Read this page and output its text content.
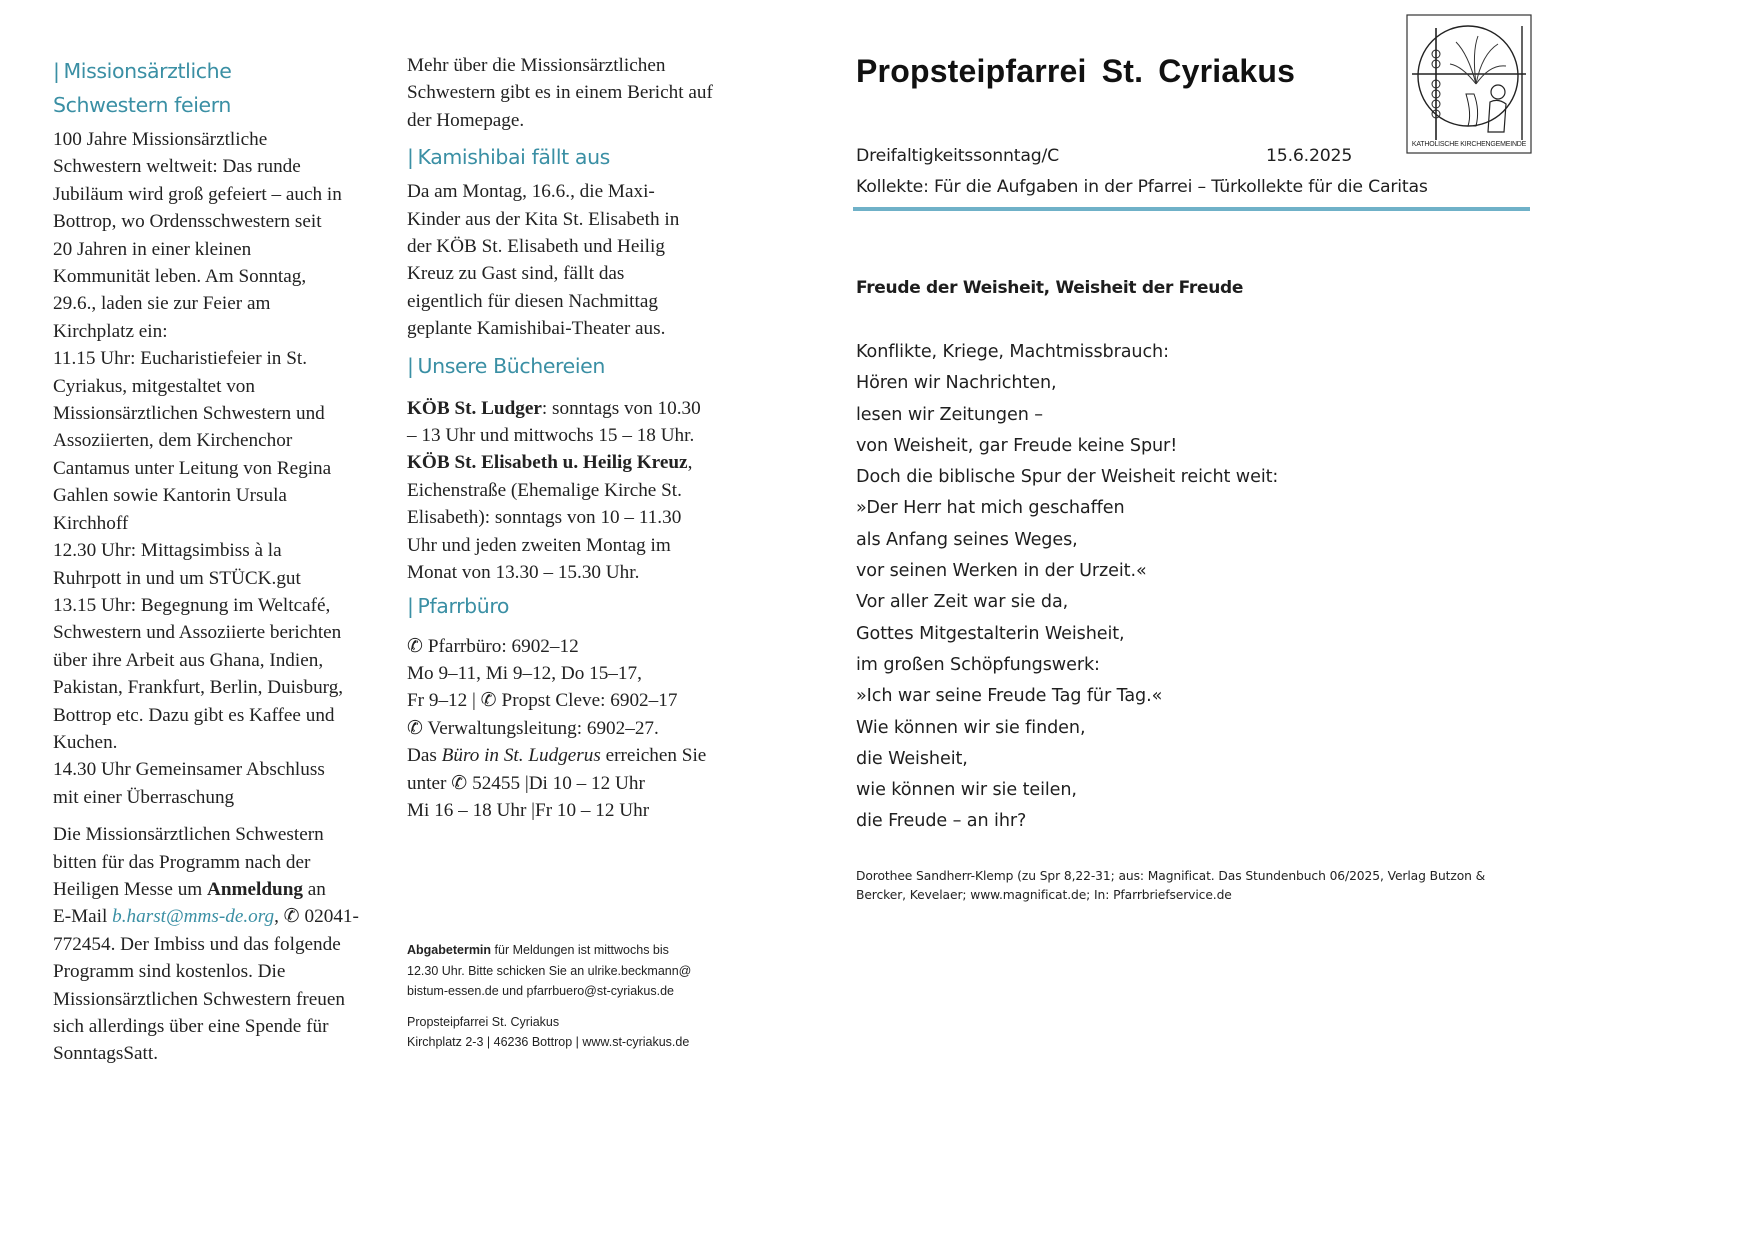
| Missionsärztliche
Schwestern feiern
100 Jahre Missionsärztliche
Schwestern weltweit: Das runde
Jubiläum wird groß gefeiert – auch in
Bottrop, wo Ordensschwestern seit
20 Jahren in einer kleinen
Kommunität leben. Am Sonntag,
29.6., laden sie zur Feier am
Kirchplatz ein:
11.15 Uhr: Eucharistiefeier in St.
Cyriakus, mitgestaltet von
Missionsärztlichen Schwestern und
Assoziierten, dem Kirchenchor
Cantamus unter Leitung von Regina
Gahlen sowie Kantorin Ursula
Kirchhoff
12.30 Uhr: Mittagsimbiss à la
Ruhrpott in und um STÜCK.gut
13.15 Uhr: Begegnung im Weltcafé,
Schwestern und Assoziierte berichten
über ihre Arbeit aus Ghana, Indien,
Pakistan, Frankfurt, Berlin, Duisburg,
Bottrop etc. Dazu gibt es Kaffee und
Kuchen.
14.30 Uhr Gemeinsamer Abschluss
mit einer Überraschung
Die Missionsärztlichen Schwestern
bitten für das Programm nach der
Heiligen Messe um Anmeldung an
E-Mail b.harst@mms-de.org, ✆ 02041-
772454. Der Imbiss und das folgende
Programm sind kostenlos. Die
Missionsärztlichen Schwestern freuen
sich allerdings über eine Spende für
SonntagsSatt.
Mehr über die Missionsärztlichen
Schwestern gibt es in einem Bericht auf
der Homepage.
| Kamishibai fällt aus
Da am Montag, 16.6., die Maxi-
Kinder aus der Kita St. Elisabeth in
der KÖB St. Elisabeth und Heilig
Kreuz zu Gast sind, fällt das
eigentlich für diesen Nachmittag
geplante Kamishibai-Theater aus.
| Unsere Büchereien
KÖB St. Ludger: sonntags von 10.30
– 13 Uhr und mittwochs 15 – 18 Uhr.
KÖB St. Elisabeth u. Heilig Kreuz,
Eichenstraße (Ehemalige Kirche St.
Elisabeth): sonntags von 10 – 11.30
Uhr und jeden zweiten Montag im
Monat von 13.30 – 15.30 Uhr.
| Pfarrbüro
✆ Pfarrbüro: 6902–12
Mo 9–11, Mi 9–12, Do 15–17,
Fr 9–12 | ✆ Propst Cleve: 6902–17
✆ Verwaltungsleitung: 6902–27.
Das Büro in St. Ludgerus erreichen Sie
unter ✆ 52455 |Di 10 – 12 Uhr
Mi 16 – 18 Uhr |Fr 10 – 12 Uhr

Abgabetermin für Meldungen ist mittwochs bis

12.30 Uhr. Bitte schicken Sie an ulrike.beckmann@

bistum-essen.de und pfarrbuero@st-cyriakus.de

Propsteipfarrei St. Cyriakus

Kirchplatz 2-3 | 46236 Bottrop | www.st-cyriakus.de

Propsteipfarrei St. Cyriakus
KATHOLISCHE KIRCHENGEMEINDE
Dreifaltigkeitssonntag/C	15.6.2025
Kollekte: Für die Aufgaben in der Pfarrei – Türkollekte für die Caritas
Freude der Weisheit, Weisheit der Freude
Konflikte, Kriege, Machtmissbrauch:
Hören wir Nachrichten,
lesen wir Zeitungen –
von Weisheit, gar Freude keine Spur!
Doch die biblische Spur der Weisheit reicht weit:
»Der Herr hat mich geschaffen
als Anfang seines Weges,
vor seinen Werken in der Urzeit.«
Vor aller Zeit war sie da,
Gottes Mitgestalterin Weisheit,
im großen Schöpfungswerk:
»Ich war seine Freude Tag für Tag.«
Wie können wir sie finden,
die Weisheit,
wie können wir sie teilen,
die Freude – an ihr?
Dorothee Sandherr-Klemp (zu Spr 8,22-31; aus: Magnificat. Das Stundenbuch 06/2025, Verlag Butzon &
Bercker, Kevelaer; www.magnificat.de; In: Pfarrbriefservice.de
